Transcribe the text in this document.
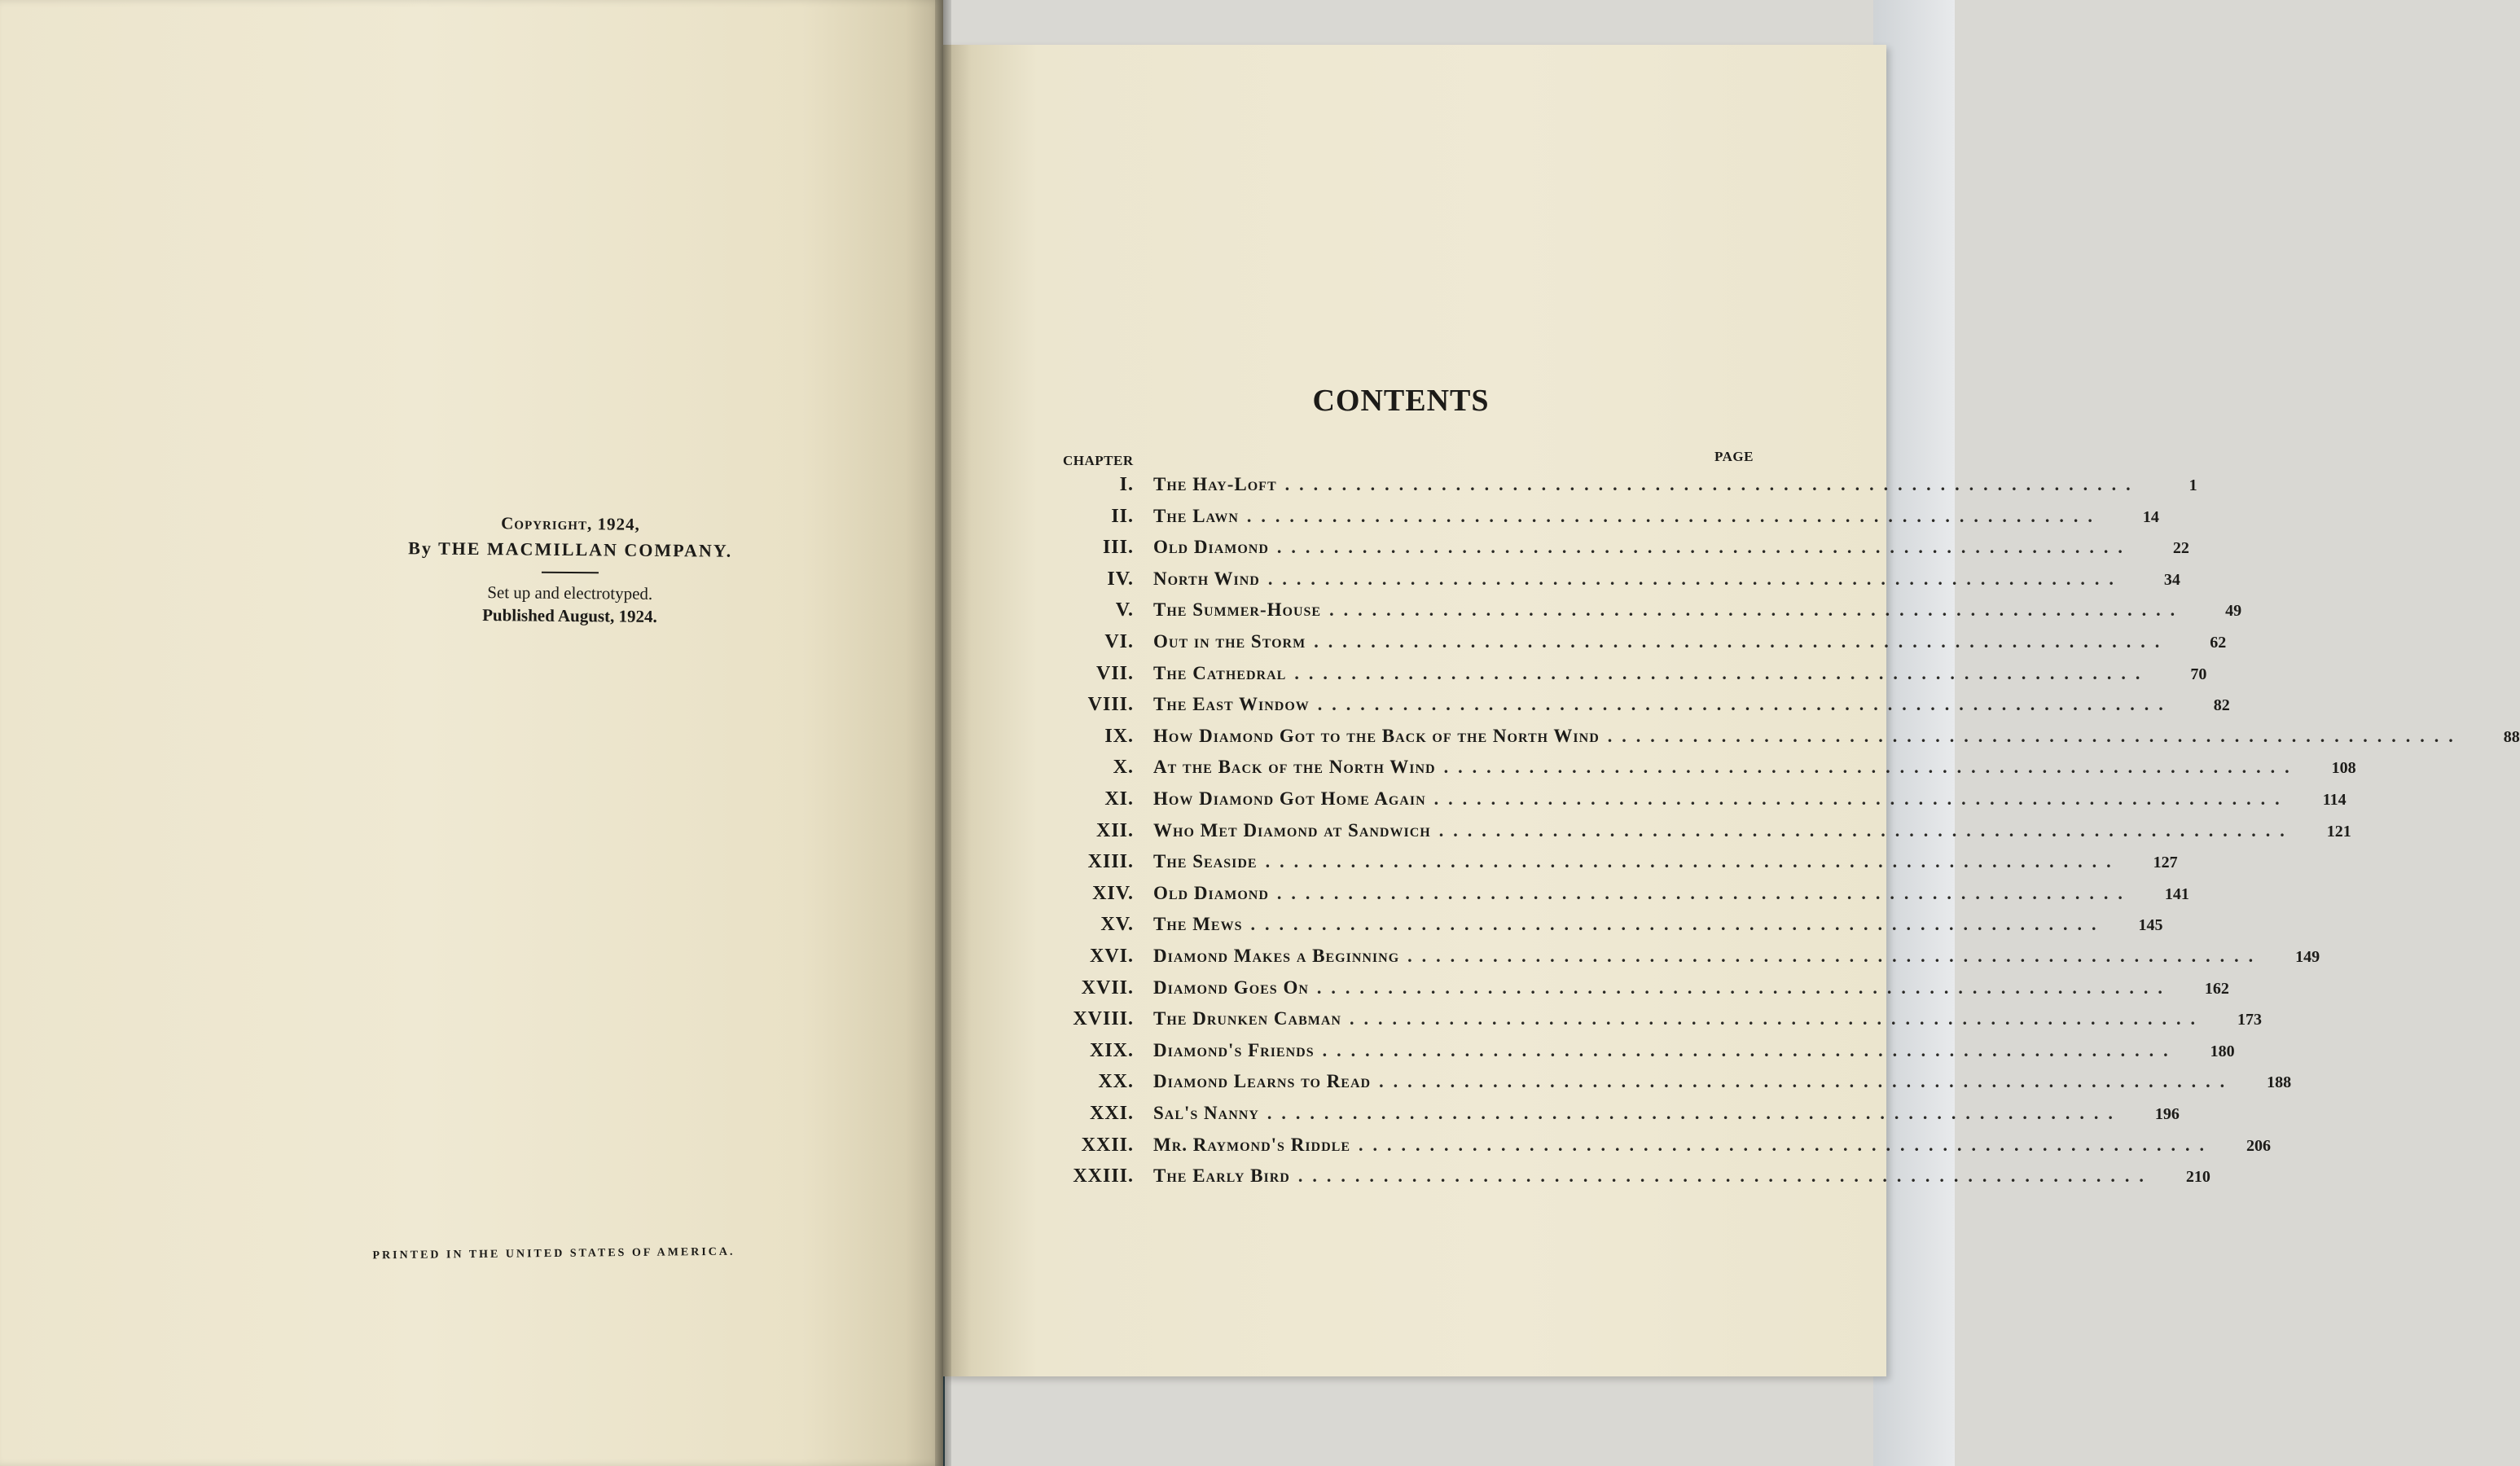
Copyright, 1924,
By THE MACMILLAN COMPANY.
Set up and electrotyped.
Published August, 1924.
PRINTED IN THE UNITED STATES OF AMERICA.
CONTENTS
CHAPTER	PAGE
I. The Hay-Loft ............................................................	1
II. The Lawn ............................................................	14
III. Old Diamond ............................................................	22
IV. North Wind ............................................................	34
V. The Summer-House ............................................................	49
VI. Out in the Storm ............................................................	62
VII. The Cathedral ............................................................	70
VIII. The East Window ............................................................	82
IX. How Diamond Got to the Back of the North Wind ............................................................	88
X. At the Back of the North Wind ............................................................	108
XI. How Diamond Got Home Again ............................................................	114
XII. Who Met Diamond at Sandwich ............................................................	121
XIII. The Seaside ............................................................	127
XIV. Old Diamond ............................................................	141
XV. The Mews ............................................................	145
XVI. Diamond Makes a Beginning ............................................................	149
XVII. Diamond Goes On ............................................................	162
XVIII. The Drunken Cabman ............................................................	173
XIX. Diamond's Friends ............................................................	180
XX. Diamond Learns to Read ............................................................	188
XXI. Sal's Nanny ............................................................	196
XXII. Mr. Raymond's Riddle ............................................................	206
XXIII. The Early Bird ............................................................	210
